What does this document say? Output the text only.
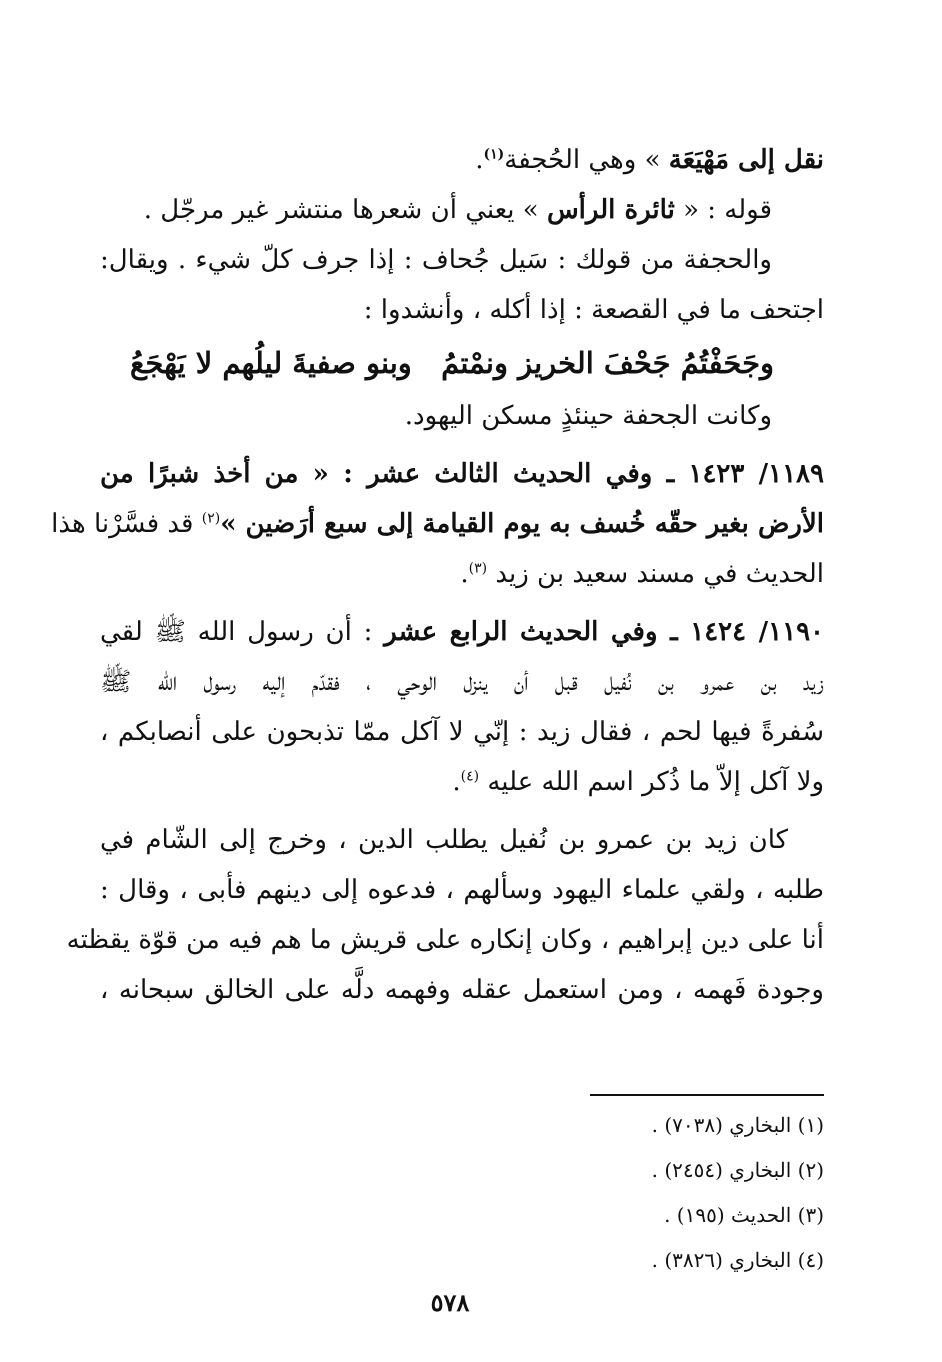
نقل إلى مَهْيَعَة » وهي الحُجفة$^{(١)}$.
قوله : « ثائرة الرأس » يعني أن شعرها منتشر غير مرجّل .
والحجفة من قولك : سَيل جُحاف : إذا جرف كلّ شيء . ويقال:
اجتحف ما في القصعة : إذا أكله ، وأنشدوا :
وجَحَفْتُمُ جَحْفَ الخريز ونمْتمُ
وبنو صفيةَ ليلُهم لا يَهْجَعُ
وكانت الجحفة حينئذٍ مسكن اليهود.
١١٨٩/ ١٤٢٣ ـ وفي الحديث الثالث عشر : « من أخذ شبرًا من
الأرض بغير حقّه خُسف به يوم القيامة إلى سبع أرَضين »$^{(٢)}$ قد فسَّرْنا هذا
الحديث في مسند سعيد بن زيد $^{(٣)}$.
١١٩٠/ ١٤٢٤ ـ وفي الحديث الرابع عشر : أن رسول الله ﷺ لقي
زيد بن عمرو بن نُفيل قبل أن ينزل الوحي ، فقدّم إليه رسول الله ﷺ
سُفرةً فيها لحم ، فقال زيد : إنّي لا آكل ممّا تذبحون على أنصابكم ،
ولا آكل إلاّ ما ذُكر اسم الله عليه $^{(٤)}$.
كان زيد بن عمرو بن نُفيل يطلب الدين ، وخرج إلى الشّام في
طلبه ، ولقي علماء اليهود وسألهم ، فدعوه إلى دينهم فأبى ، وقال :
أنا على دين إبراهيم ، وكان إنكاره على قريش ما هم فيه من قوّة يقظته
وجودة فَهمه ، ومن استعمل عقله وفهمه دلَّه على الخالق سبحانه ،
(١) البخاري (٧٠٣٨) .
(٢) البخاري (٢٤٥٤) .
(٣) الحديث (١٩٥) .
(٤) البخاري (٣٨٢٦) .
٥٧٨
